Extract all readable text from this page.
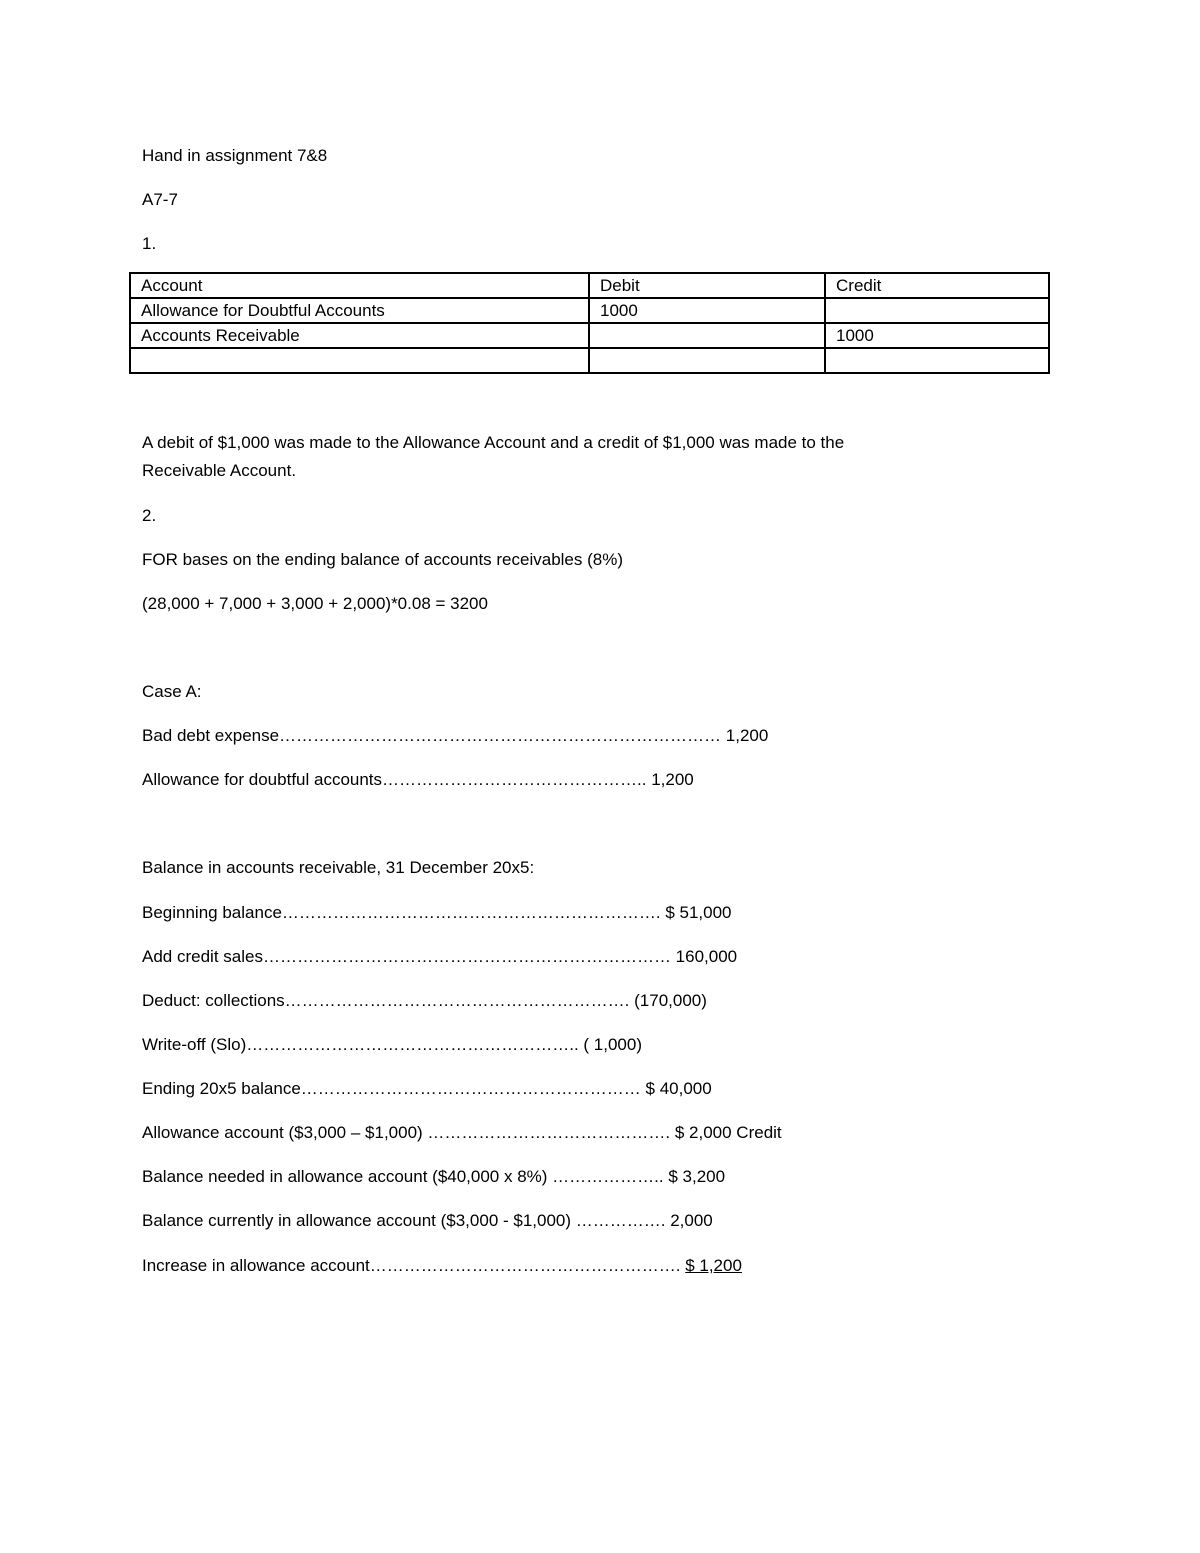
Hand in assignment 7&8
A7-7
1.
Account	Debit	Credit
Allowance for Doubtful Accounts	1000	
Accounts Receivable		1000

A debit of $1,000 was made to the Allowance Account and a credit of $1,000 was made to the
Receivable Account.
2.
FOR bases on the ending balance of accounts receivables (8%)
(28,000 + 7,000 + 3,000 + 2,000)*0.08 = 3200
Case A:
Bad debt expense…………………………………………………………………… 1,200
Allowance for doubtful accounts……………………………………….. 1,200
Balance in accounts receivable, 31 December 20x5:
Beginning balance…………………………………………………………. $ 51,000
Add credit sales……………………………………………………………… 160,000
Deduct: collections……………………………………………………. (170,000)
Write-off (Slo)………………………………………………….. ( 1,000)
Ending 20x5 balance…………………………………………………… $ 40,000
Allowance account ($3,000 – $1,000) ……………………………………. $ 2,000 Credit
Balance needed in allowance account ($40,000 x 8%) ……………….. $ 3,200
Balance currently in allowance account ($3,000 - $1,000) ……………. 2,000
Increase in allowance account………………………………………………. $ 1,200
